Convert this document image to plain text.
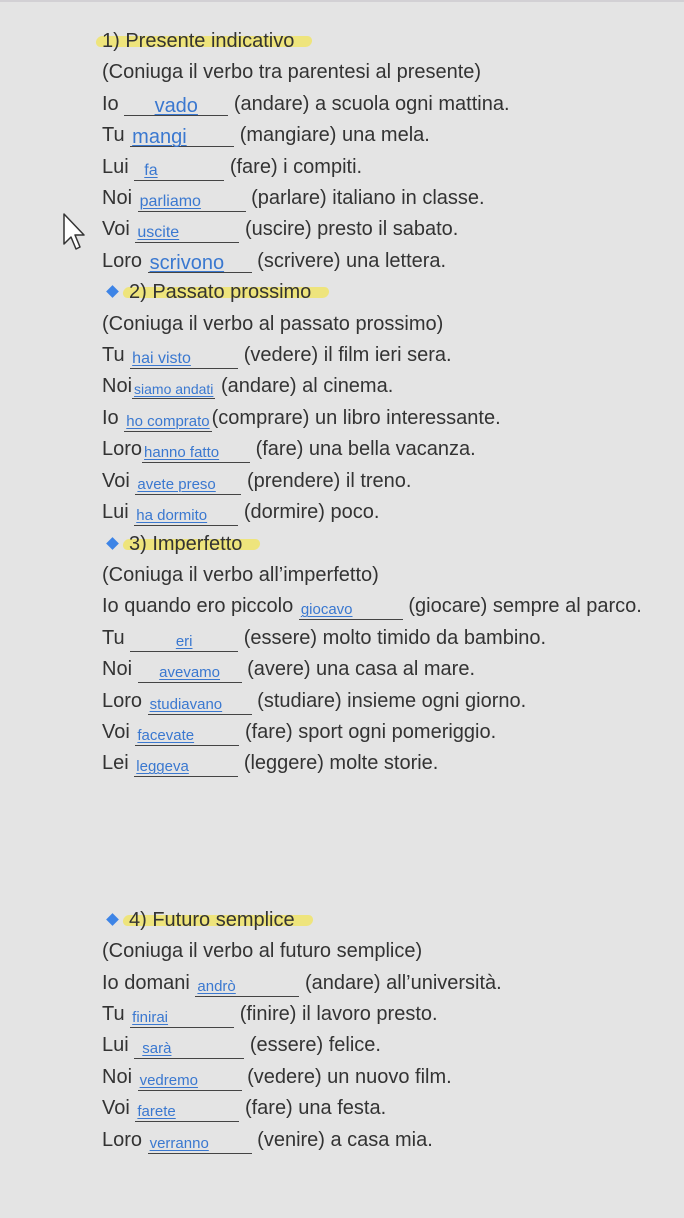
1) Presente indicativo
(Coniuga il verbo tra parentesi al presente)
Io vado (andare) a scuola ogni mattina.
Tu mangi	(mangiare) una mela.
Lui fa	(fare) i compiti.
Noi parliamo	(parlare) italiano in classe.
Voi uscite	(uscire) presto il sabato.
Loro scrivono (scrivere) una lettera.
2) Passato prossimo
(Coniuga il verbo al passato prossimo)
Tu hai visto	(vedere) il film ieri sera.
Noi siamo andati (andare) al cinema.
Io ho comprato (comprare) un libro interessante.
Loro hanno fatto (fare) una bella vacanza.
Voi avete preso (prendere) il treno.
Lui ha dormito (dormire) poco.
3) Imperfetto
(Coniuga il verbo all’imperfetto)
Io quando ero piccolo giocavo	(giocare) sempre al parco.
Tu	eri	(essere) molto timido da bambino.
Noi avevamo (avere) una casa al mare.
Loro studiavano (studiare) insieme ogni giorno.
Voi facevate	(fare) sport ogni pomeriggio.
Lei leggeva	(leggere) molte storie.
4) Futuro semplice
(Coniuga il verbo al futuro semplice)
Io domani andrò	(andare) all’università.
Tu finirai	(finire) il lavoro presto.
Lui sarà	(essere) felice.
Noi vedremo (vedere) un nuovo film.
Voi farete	(fare) una festa.
Loro verranno (venire) a casa mia.
